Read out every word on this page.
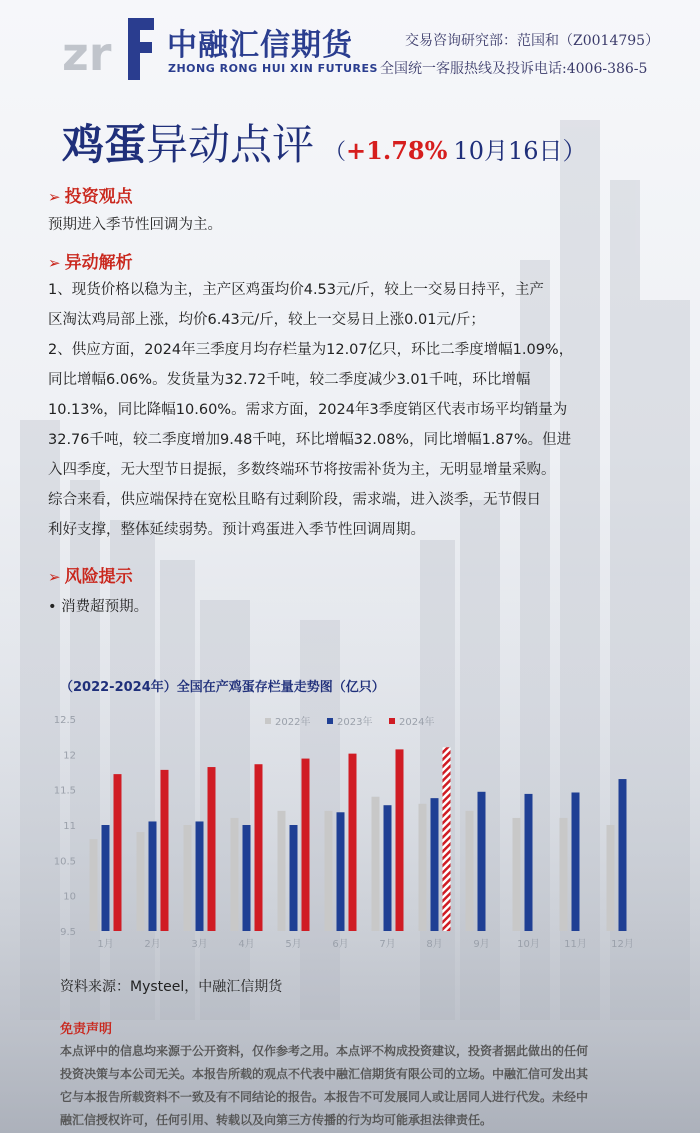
zr 中融汇信期货
ZHONG RONG HUI XIN FUTURES
交易咨询研究部：范国和（Z0014795）
全国统一客服热线及投诉电话:4006-386-5
鸡蛋异动点评 （+1.78% 10月16日）
➢ 投资观点
预期进入季节性回调为主。
➢ 异动解析
1、现货价格以稳为主，主产区鸡蛋均价4.53元/斤，较上一交易日持平，主产
区淘汰鸡局部上涨，均价6.43元/斤，较上一交易日上涨0.01元/斤；
2、供应方面，2024年三季度月均存栏量为12.07亿只，环比二季度增幅1.09%，
同比增幅6.06%。发货量为32.72千吨，较二季度减少3.01千吨，环比增幅
10.13%，同比降幅10.60%。需求方面，2024年3季度销区代表市场平均销量为
32.76千吨，较二季度增加9.48千吨，环比增幅32.08%，同比增幅1.87%。但进
入四季度，无大型节日提振，多数终端环节将按需补货为主，无明显增量采购。
综合来看，供应端保持在宽松且略有过剩阶段，需求端，进入淡季，无节假日
利好支撑，整体延续弱势。预计鸡蛋进入季节性回调周期。
➢ 风险提示
• 消费超预期。
（2022-2024年）全国在产鸡蛋存栏量走势图（亿只）
2022年	2023年	2024年
9.5
10
10.5
11
11.5
12
12.5
1月	2月	3月	4月	5月	6月	7月	8月	9月	10月 11月 12月
资料来源：Mysteel，中融汇信期货
免责声明
本点评中的信息均来源于公开资料，仅作参考之用。本点评不构成投资建议，投资者据此做出的任何
投资决策与本公司无关。本报告所载的观点不代表中融汇信期货有限公司的立场。中融汇信可发出其
它与本报告所载资料不一致及有不同结论的报告。本报告不可发展同人或让居同人进行代发。未经中
融汇信授权许可，任何引用、转载以及向第三方传播的行为均可能承担法律责任。
